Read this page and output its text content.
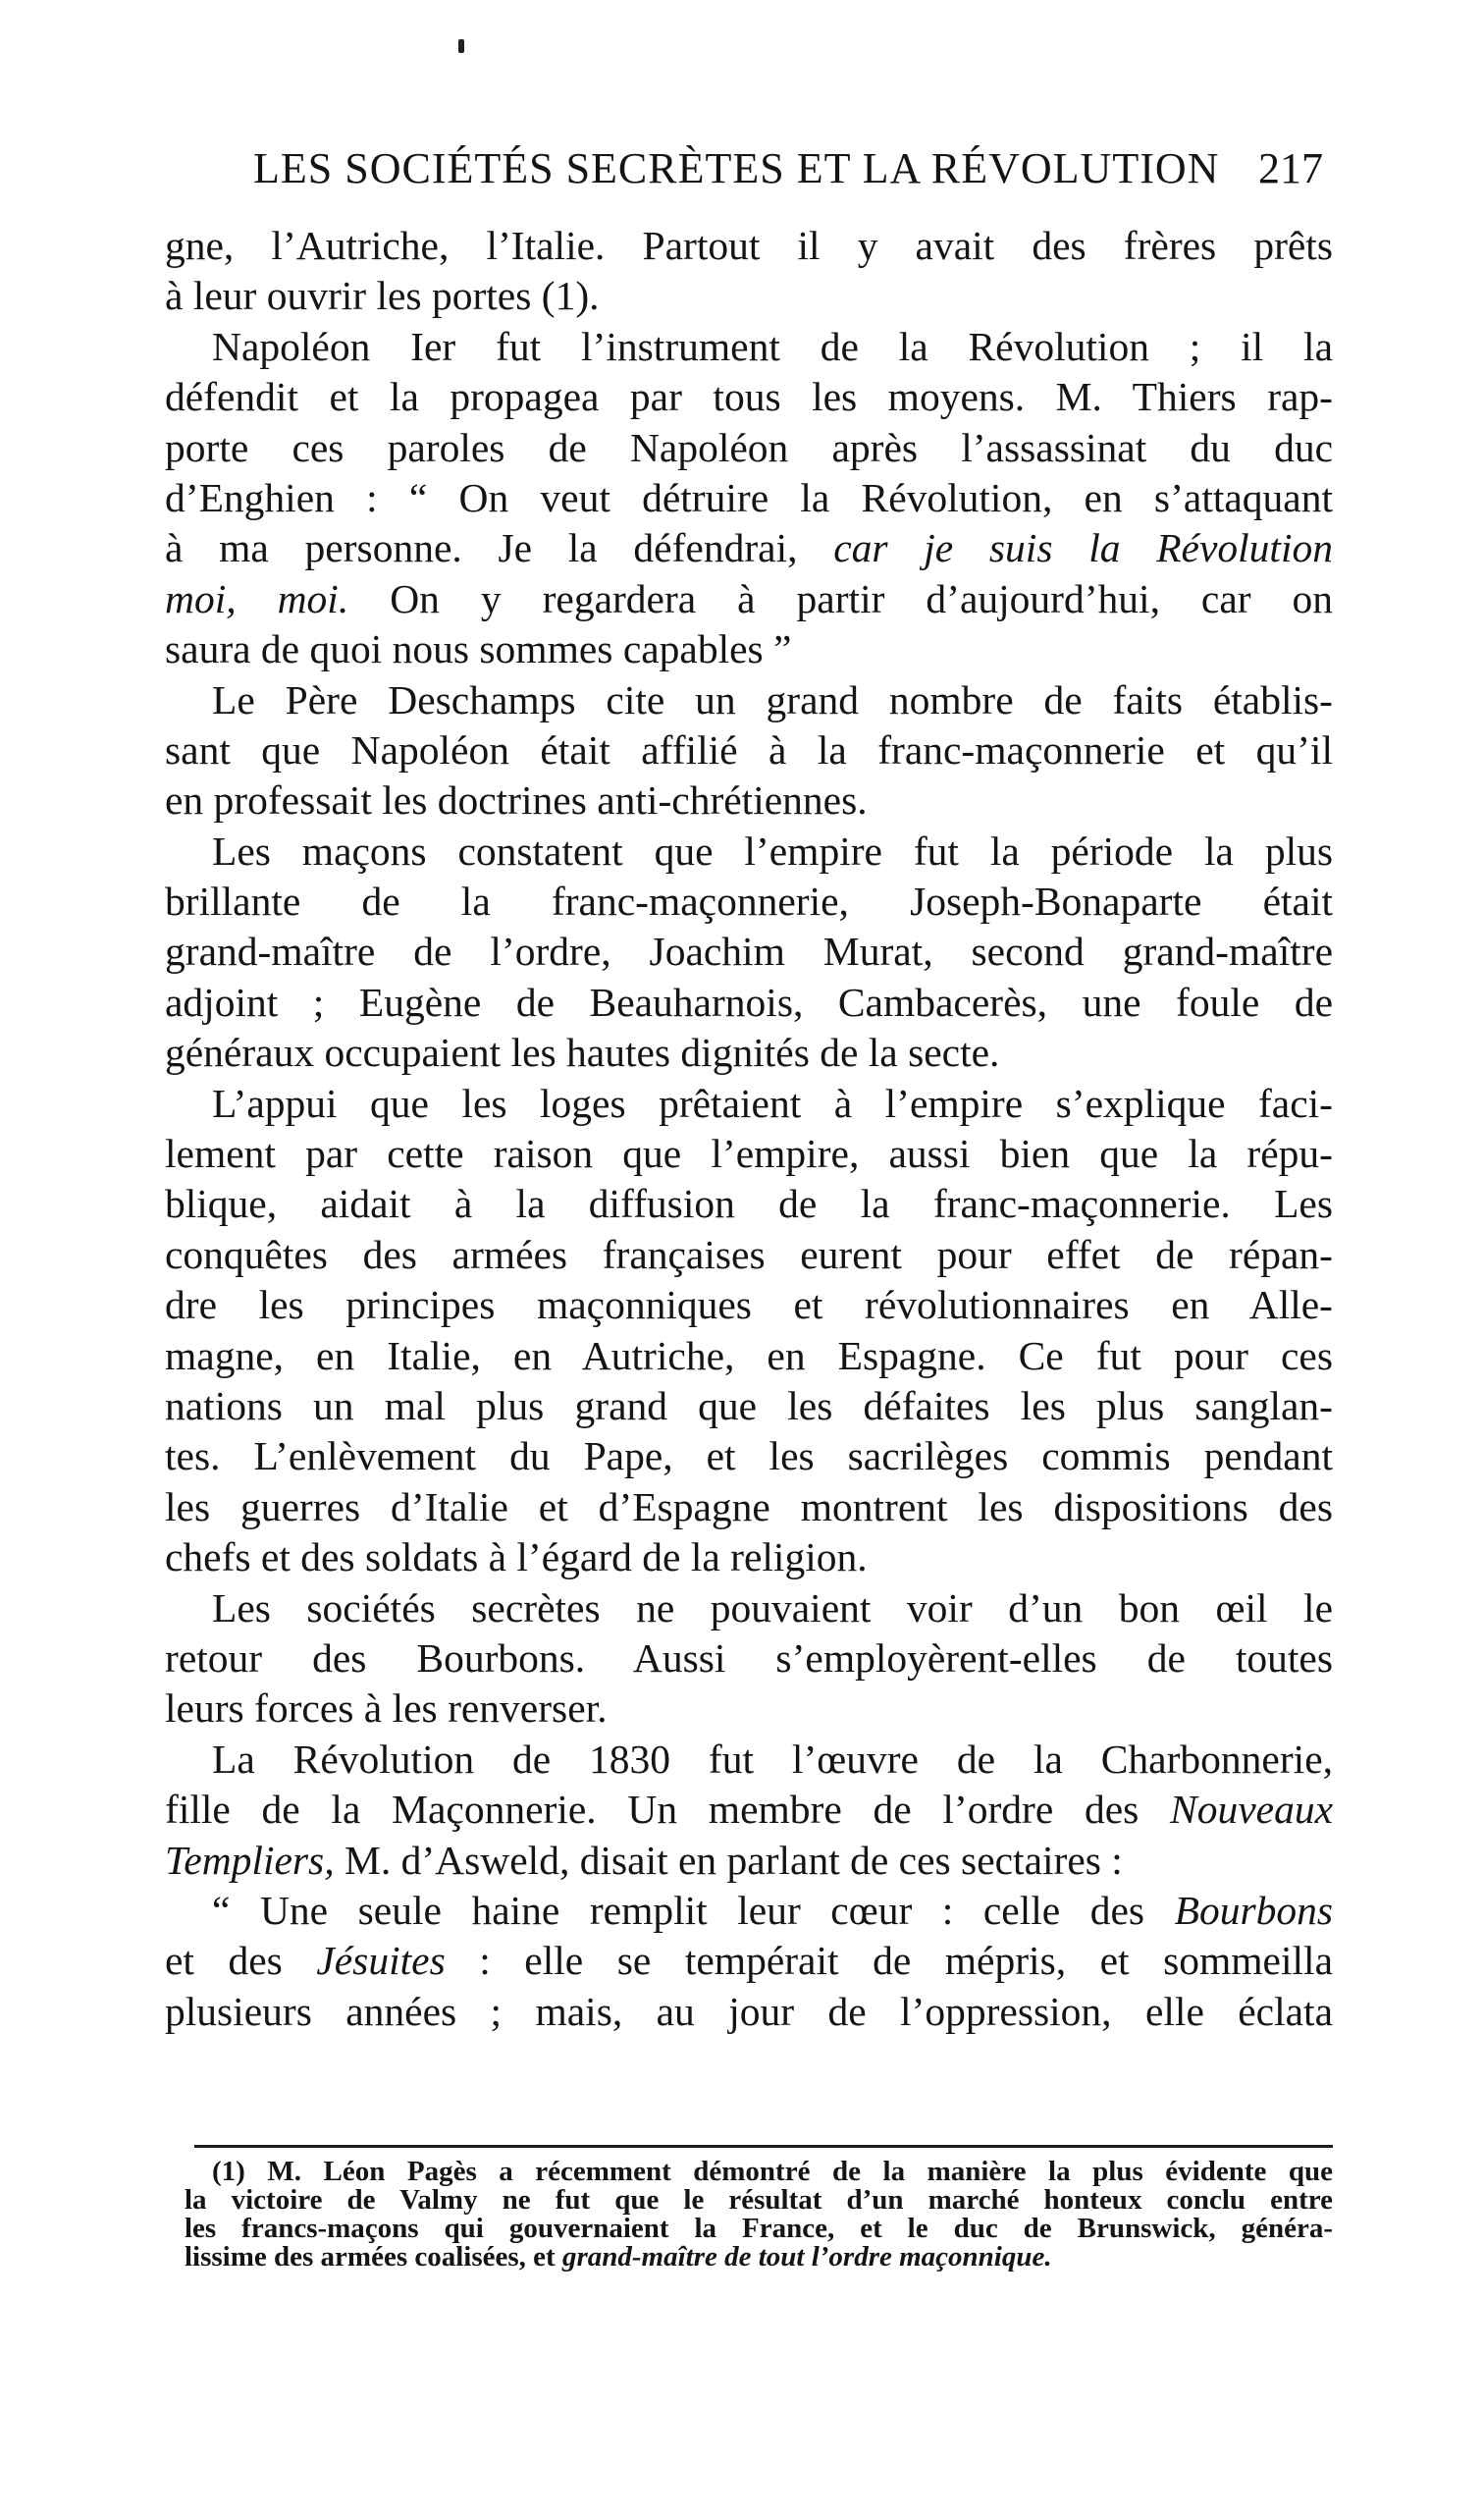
LES SOCIÉTÉS SECRÈTES ET LA RÉVOLUTION 217
gne, l’Autriche, l’Italie. Partout il y avait des frères prêts
à leur ouvrir les portes (1).
Napoléon Ier fut l’instrument de la Révolution ; il la
défendit et la propagea par tous les moyens. M. Thiers rap-
porte ces paroles de Napoléon après l’assassinat du duc
d’Enghien : “ On veut détruire la Révolution, en s’attaquant
à ma personne. Je la défendrai, car je suis la Révolution
moi, moi. On y regardera à partir d’aujourd’hui, car on
saura de quoi nous sommes capables ”
Le Père Deschamps cite un grand nombre de faits établis-
sant que Napoléon était affilié à la franc-maçonnerie et qu’il
en professait les doctrines anti-chrétiennes.
Les maçons constatent que l’empire fut la période la plus
brillante de la franc-maçonnerie, Joseph-Bonaparte était
grand-maître de l’ordre, Joachim Murat, second grand-maître
adjoint ; Eugène de Beauharnois, Cambacerès, une foule de
généraux occupaient les hautes dignités de la secte.
L’appui que les loges prêtaient à l’empire s’explique faci-
lement par cette raison que l’empire, aussi bien que la répu-
blique, aidait à la diffusion de la franc-maçonnerie. Les
conquêtes des armées françaises eurent pour effet de répan-
dre les principes maçonniques et révolutionnaires en Alle-
magne, en Italie, en Autriche, en Espagne. Ce fut pour ces
nations un mal plus grand que les défaites les plus sanglan-
tes. L’enlèvement du Pape, et les sacrilèges commis pendant
les guerres d’Italie et d’Espagne montrent les dispositions des
chefs et des soldats à l’égard de la religion.
Les sociétés secrètes ne pouvaient voir d’un bon œil le
retour des Bourbons. Aussi s’employèrent-elles de toutes
leurs forces à les renverser.
La Révolution de 1830 fut l’œuvre de la Charbonnerie,
fille de la Maçonnerie. Un membre de l’ordre des Nouveaux
Templiers, M. d’Asweld, disait en parlant de ces sectaires :
“ Une seule haine remplit leur cœur : celle des Bourbons
et des Jésuites : elle se tempérait de mépris, et sommeilla
plusieurs années ; mais, au jour de l’oppression, elle éclata
(1) M. Léon Pagès a récemment démontré de la manière la plus évidente que
la victoire de Valmy ne fut que le résultat d’un marché honteux conclu entre
les francs-maçons qui gouvernaient la France, et le duc de Brunswick, généra-
lissime des armées coalisées, et grand-maître de tout l’ordre maçonnique.
